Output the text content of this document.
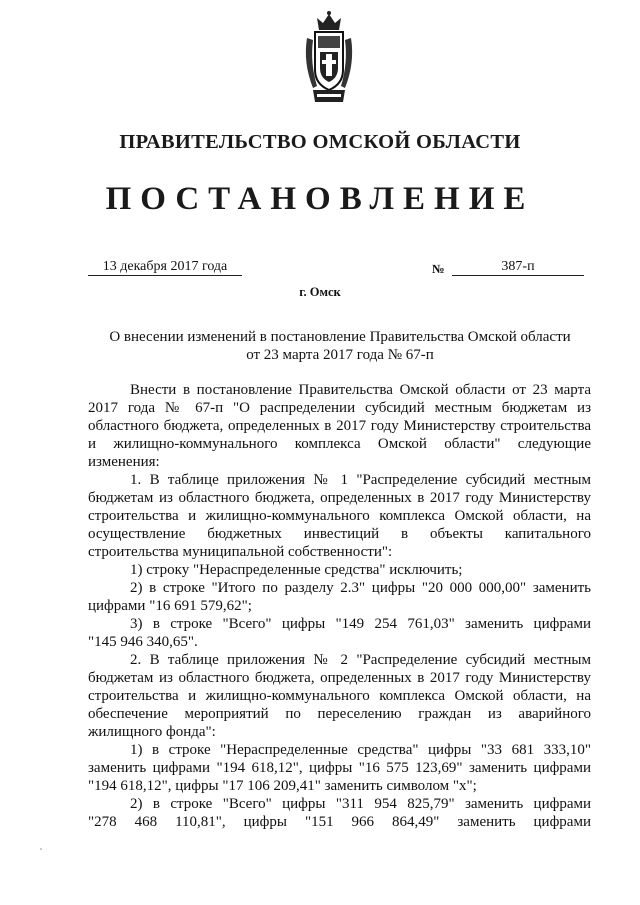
ПРАВИТЕЛЬСТВО ОМСКОЙ ОБЛАСТИ
ПОСТАНОВЛЕНИЕ
13 декабря 2017 года	№	387-п
г. Омск
О внесении изменений в постановление Правительства Омской области
от 23 марта 2017 года № 67-п
Внести в постановление Правительства Омской области от 23 марта
2017 года № 67-п "О распределении субсидий местным бюджетам из
областного бюджета, определенных в 2017 году Министерству строительства
и жилищно-коммунального комплекса Омской области" следующие
изменения:
1. В таблице приложения № 1 "Распределение субсидий местным
бюджетам из областного бюджета, определенных в 2017 году Министерству
строительства и жилищно-коммунального комплекса Омской области, на
осуществление бюджетных инвестиций в объекты капитального
строительства муниципальной собственности":
1) строку "Нераспределенные средства" исключить;
2) в строке "Итого по разделу 2.3" цифры "20 000 000,00" заменить
цифрами "16 691 579,62";
3) в строке "Всего" цифры "149 254 761,03" заменить цифрами
"145 946 340,65".
2. В таблице приложения № 2 "Распределение субсидий местным
бюджетам из областного бюджета, определенных в 2017 году Министерству
строительства и жилищно-коммунального комплекса Омской области, на
обеспечение мероприятий по переселению граждан из аварийного
жилищного фонда":
1) в строке "Нераспределенные средства" цифры "33 681 333,10"
заменить цифрами "194 618,12", цифры "16 575 123,69" заменить цифрами
"194 618,12", цифры "17 106 209,41" заменить символом "х";
2) в строке "Всего" цифры "311 954 825,79" заменить цифрами
"278 468 110,81", цифры "151 966 864,49" заменить цифрами
